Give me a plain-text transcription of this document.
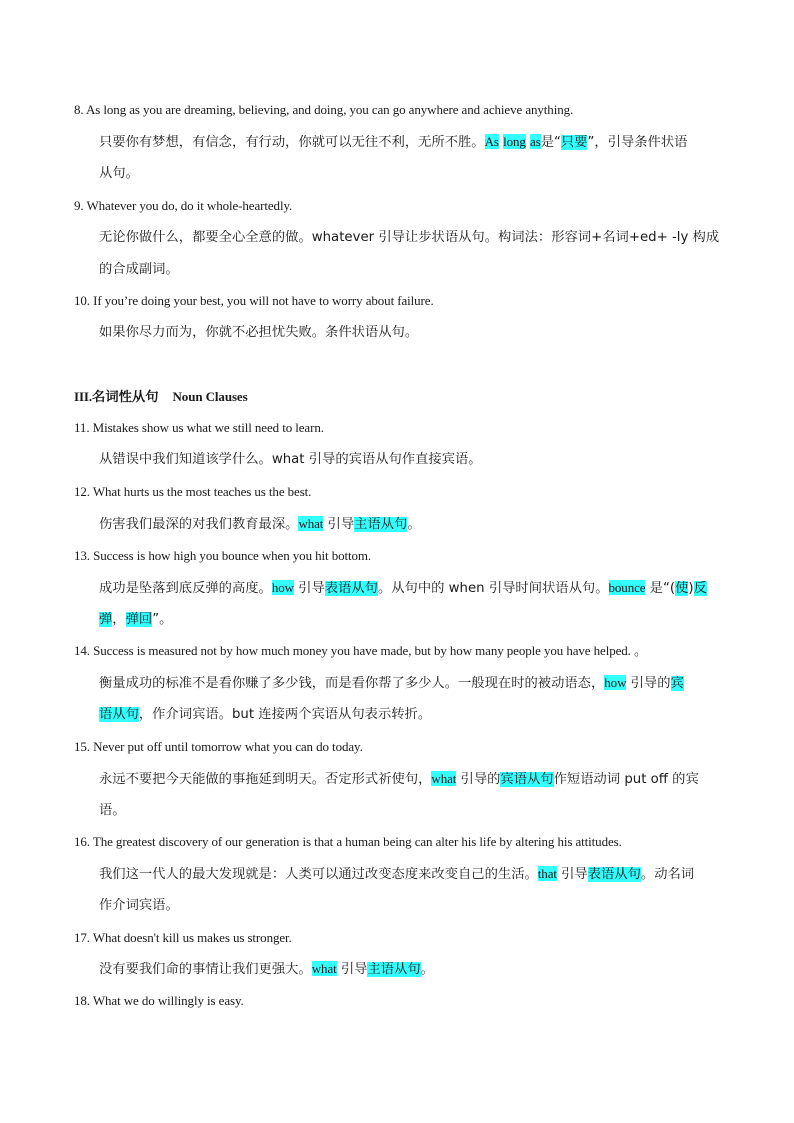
8. As long as you are dreaming, believing, and doing, you can go anywhere and achieve anything.
只要你有梦想，有信念，有行动，你就可以无往不利，无所不胜。As long as是“只要”，引导条件状语
从句。
9. Whatever you do, do it whole-heartedly.
无论你做什么，都要全心全意的做。whatever 引导让步状语从句。构词法：形容词+名词+ed+ -ly 构成
的合成副词。
10. If you’re doing your best, you will not have to worry about failure.
如果你尽力而为，你就不必担忧失败。条件状语从句。
III.名词性从句 Noun Clauses
11. Mistakes show us what we still need to learn.
从错误中我们知道该学什么。what 引导的宾语从句作直接宾语。
12. What hurts us the most teaches us the best.
伤害我们最深的对我们教育最深。what 引导主语从句。
13. Success is how high you bounce when you hit bottom.
成功是坠落到底反弹的高度。how 引导表语从句。从句中的 when 引导时间状语从句。bounce 是“(使)反
弹，弹回”。
14. Success is measured not by how much money you have made, but by how many people you have helped. 。
衡量成功的标准不是看你赚了多少钱，而是看你帮了多少人。一般现在时的被动语态，how 引导的宾
语从句，作介词宾语。but 连接两个宾语从句表示转折。
15. Never put off until tomorrow what you can do today.
永远不要把今天能做的事拖延到明天。否定形式祈使句，what 引导的宾语从句作短语动词 put off 的宾
语。
16. The greatest discovery of our generation is that a human being can alter his life by altering his attitudes.
我们这一代人的最大发现就是：人类可以通过改变态度来改变自己的生活。that 引导表语从句。动名词
作介词宾语。
17. What doesn't kill us makes us stronger.
没有要我们命的事情让我们更强大。what 引导主语从句。
18. What we do willingly is easy.
